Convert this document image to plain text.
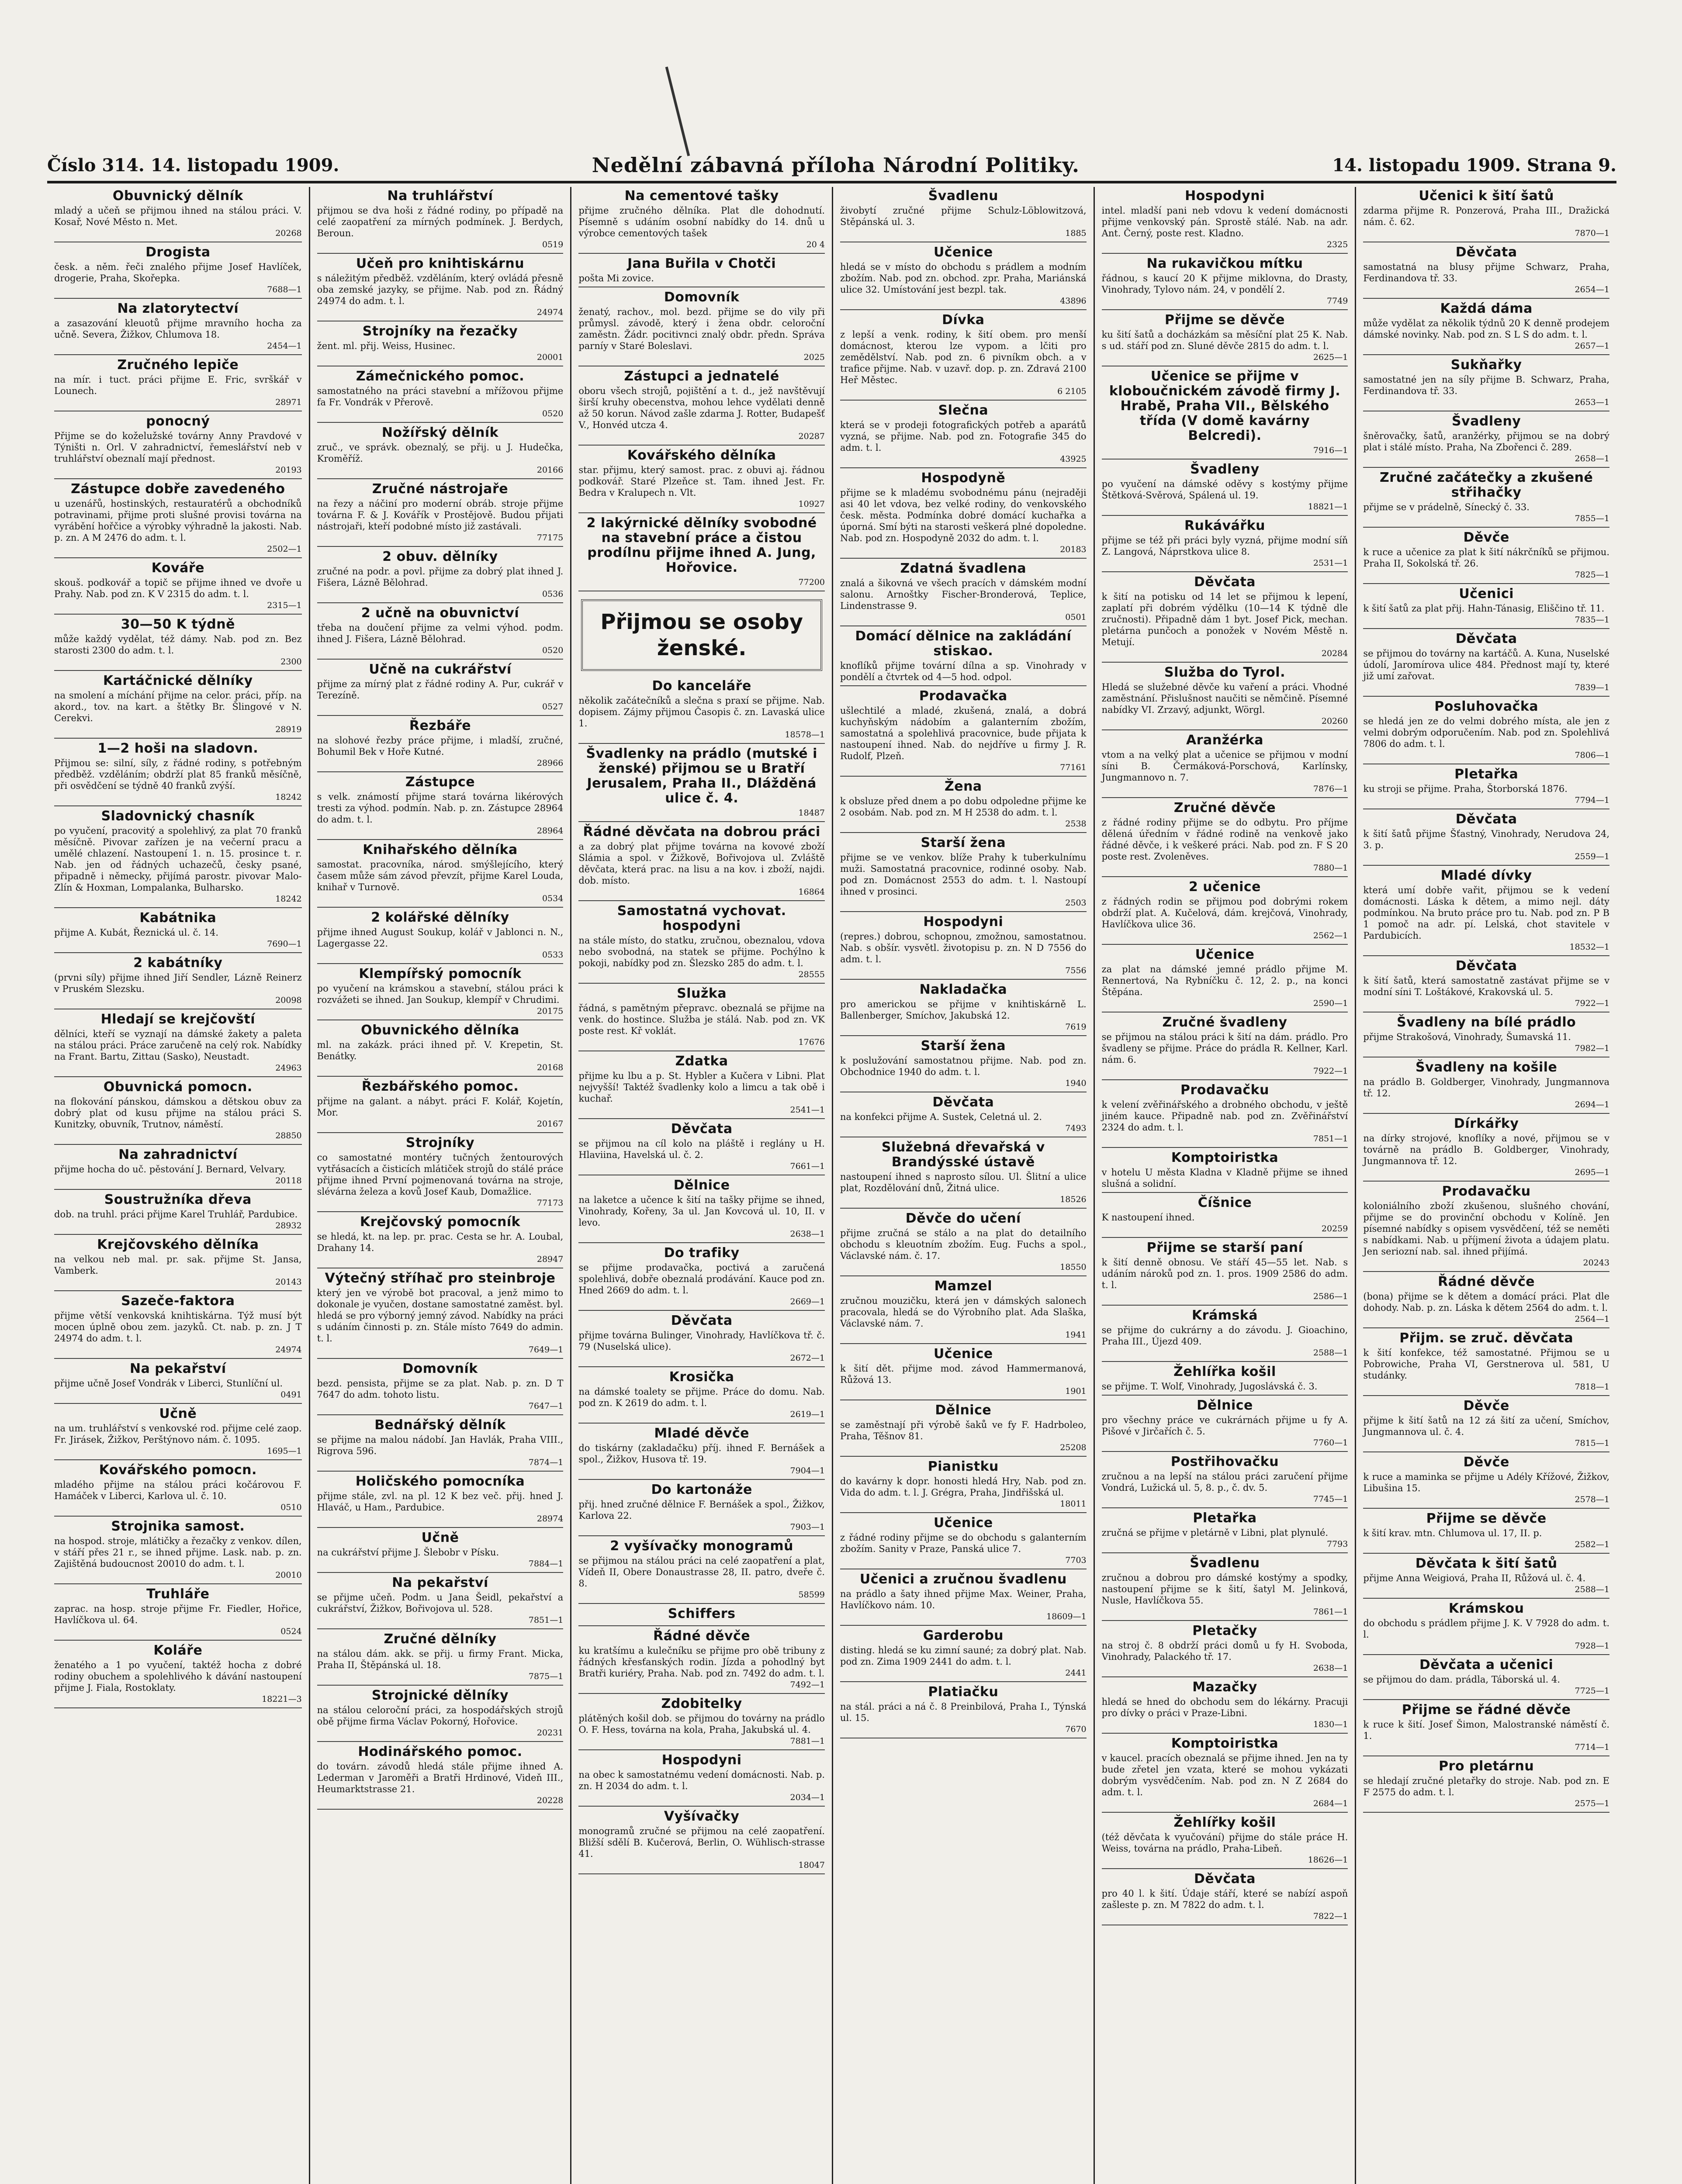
Číslo 314. 14. listopadu 1909.	Nedělní zábavná příloha Národní Politiky.	14. listopadu 1909. Strana 9.
Obuvnický dělník
mladý a učeň se přijmou ihned na stálou práci. V. Kosař, Nové Město n. Met.
20268
Drogista
česk. a něm. řeči znalého přijme Josef Havlíček, drogerie, Praha, Skořepka.
7688—1
Na zlatorytectví
a zasazování kleuotů přijme mravního hocha za učně. Severa, Žižkov, Chlumova 18.
2454—1
Zručného lepiče
na mír. i tuct. práci přijme E. Fric, svrškář v Lounech.
28971
ponocný
Přijme se do koželužské továrny Anny Pravdové v Týništi n. Orl. V zahradnictví, řemeslářství neb v truhlářství obeznalí mají přednost.
20193
Zástupce dobře zavedeného
u uzenářů, hostinských, restauratérů a obchodníků potravinami, přijme proti slušné provisi továrna na vyrábění hořčice a výrobky výhradně la jakosti. Nab. p. zn. A M 2476 do adm. t. l.
2502—1
Kováře
skouš. podkovář a topič se přijme ihned ve dvoře u Prahy. Nab. pod zn. K V 2315 do adm. t. l.
2315—1
30—50 K týdně
může každý vydělat, též dámy. Nab. pod zn. Bez starosti 2300 do adm. t. l.
2300
Kartáčnické dělníky
na smolení a míchání přijme na celor. práci, příp. na akord., tov. na kart. a štětky Br. Šlingové v N. Cerekvi.
28919
1—2 hoši na sladovn.
Přijmou se: silní, síly, z řádné rodiny, s potřebným předběž. vzděláním; obdrží plat 85 franků měsíčně, při osvědčení se týdně 40 franků zvýší.
18242
Sladovnický chasník
po vyučení, pracovitý a spolehlivý, za plat 70 franků měsíčně. Pivovar zařízen je na večerní pracu a umělé chlazení. Nastoupení 1. n. 15. prosince t. r. Nab. jen od řádných uchazečů, česky psané, připadně i německy, přijímá parostr. pivovar Malo-Zlín & Hoxman, Lompalanka, Bulharsko.
18242
Kabátnika
přijme A. Kubát, Řeznická ul. č. 14.
7690—1
2 kabátníky
(prvni síly) přijme ihned Jiří Sendler, Lázně Reinerz v Pruském Slezsku.
20098
Hledají se krejčovští
dělníci, kteří se vyznají na dámské žakety a paleta na stálou práci. Práce zaručeně na celý rok. Nabídky na Frant. Bartu, Zittau (Sasko), Neustadt.
24963
Obuvnická pomocn.
na flokování pánskou, dámskou a dětskou obuv za dobrý plat od kusu přijme na stálou práci S. Kunitzky, obuvník, Trutnov, náměstí.
28850
Na zahradnictví
přijme hocha do uč. pěstování J. Bernard, Velvary.
20118
Soustružníka dřeva
dob. na truhl. práci přijme Karel Truhlář, Pardubice.
28932
Krejčovského dělníka
na velkou neb mal. pr. sak. přijme St. Jansa, Vamberk.
20143
Sazeče-faktora
přijme větší venkovská knihtiskárna. Týž musí být mocen úplně obou zem. jazyků. Ct. nab. p. zn. J T 24974 do adm. t. l.
24974
Na pekařství
přijme učně Josef Vondrák v Liberci, Stunlíční ul.
0491
Učně
na um. truhlářství s venkovské rod. přijme celé zaop. Fr. Jirásek, Žižkov, Perštýnovo nám. č. 1095.
1695—1
Kovářského pomocn.
mladého přijme na stálou práci kočárovou F. Hamáček v Liberci, Karlova ul. č. 10.
0510
Strojnika samost.
na hospod. stroje, mlátičky a řezačky z venkov. dílen, v stáří přes 21 r., se ihned přijme. Lask. nab. p. zn. Zajištěná budoucnost 20010 do adm. t. l.
20010
Truhláře
zaprac. na hosp. stroje přijme Fr. Fiedler, Hořice, Havlíčkova ul. 64.
0524
Koláře
ženatého a 1 po vyučení, taktéž hocha z dobré rodiny obuchem a spolehlivého k dávání nastoupení přijme J. Fiala, Rostoklaty.
18221—3
Na truhlářství
přijmou se dva hoši z řádné rodiny, po případě na celé zaopatření za mírných podmínek. J. Berdych, Beroun.
0519
Učeň pro knihtiskárnu
s náležitým předběž. vzděláním, který ovládá přesně oba zemské jazyky, se přijme. Nab. pod zn. Řádný 24974 do adm. t. l.
24974
Strojníky na řezačky
žent. ml. přij. Weiss, Husinec.
20001
Zámečnického pomoc.
samostatného na práci stavební a mřížovou přijme fa Fr. Vondrák v Přerově.
0520
Nožířský dělník
zruč., ve správk. obeznalý, se přij. u J. Hudečka, Kroměříž.
20166
Zručné nástrojaře
na řezy a náčiní pro moderní obráb. stroje přijme továrna F. & J. Kovářík v Prostějově. Budou přijati nástrojaři, kteří podobné místo již zastávali.
77175
2 obuv. dělníky
zručné na podr. a povl. přijme za dobrý plat ihned J. Fišera, Lázně Bělohrad.
0536
2 učně na obuvnictví
třeba na doučení přijme za velmi výhod. podm. ihned J. Fišera, Lázně Bělohrad.
0520
Učně na cukrářství
přijme za mírný plat z řádné rodiny A. Pur, cukrář v Terezíně.
0527
Řezbáře
na slohové řezby práce přijme, i mladší, zručné, Bohumil Bek v Hoře Kutné.
28966
Zástupce
s velk. známostí přijme stará továrna likérových tresti za výhod. podmín. Nab. p. zn. Zástupce 28964 do adm. t. l.
28964
Knihařského dělníka
samostat. pracovníka, národ. smýšlejícího, který časem může sám závod převzít, přijme Karel Louda, knihař v Turnově.
0534
2 kolářské dělníky
přijme ihned August Soukup, kolář v Jablonci n. N., Lagergasse 22.
0533
Klempířský pomocník
po vyučení na krámskou a stavební, stálou práci k rozvážeti se ihned. Jan Soukup, klempíř v Chrudimi.
20175
Obuvnického dělníka
ml. na zakázk. práci ihned př. V. Krepetin, St. Benátky.
20168
Řezbářského pomoc.
přijme na galant. a nábyt. práci F. Kolář, Kojetín, Mor.
20167
Strojníky
co samostatné montéry tučných žentourových vytřásacích a čisticích mlátiček strojů do stálé práce přijme ihned První pojmenovaná továrna na stroje, slévárna železa a kovů Josef Kaub, Domažlice.
77173
Krejčovský pomocník
se hledá, kt. na lep. pr. prac. Cesta se hr. A. Loubal, Drahany 14.
28947
Výtečný stříhač pro steinbroje
který jen ve výrobě bot pracoval, a jenž mimo to dokonale je vyučen, dostane samostatné zaměst. byl. hledá se pro výborný jemný závod. Nabídky na práci s udáním činnosti p. zn. Stále místo 7649 do admin. t. l.
7649—1
Domovník
bezd. pensista, přijme se za plat. Nab. p. zn. D T 7647 do adm. tohoto listu.
7647—1
Bednářský dělník
se přijme na malou nádobí. Jan Havlák, Praha VIII., Rigrova 596.
7874—1
Holičského pomocníka
přijme stále, zvl. na pl. 12 K bez več. přij. hned J. Hlaváč, u Ham., Pardubice.
28974
Učně
na cukrářství přijme J. Šlebobr v Písku.
7884—1
Na pekařství
se přijme učeň. Podm. u Jana Šeidl, pekařství a cukrářství, Žižkov, Bořivojova ul. 528.
7851—1
Zručné dělníky
na stálou dám. akk. se přij. u firmy Frant. Micka, Praha II, Štěpánská ul. 18.
7875—1
Strojnické dělníky
na stálou celoroční práci, za hospodářských strojů obě přijme firma Václav Pokorný, Hořovice.
20231
Hodinářského pomoc.
do továrn. závodů hledá stále přijme ihned A. Lederman v Jaroměři a Bratři Hrdinové, Videň III., Heumarktstrasse 21.
20228
Na cementové tašky
přijme zručného dělníka. Plat dle dohodnutí. Písemně s udáním osobní nabídky do 14. dnů u výrobce cementových tašek
20 4
Jana Buřila v Chotči
pošta Mi zovice.
Domovník
ženatý, rachov., mol. bezd. přijme se do vily při průmysl. závodě, který i žena obdr. celoroční zaměstn. Žádr. pocitivnci znalý obdr. předn. Správa parníy v Staré Boleslavi.
2025
Zástupci a jednatelé
oboru všech strojů, pojištění a t. d., jež navštěvují širší kruhy obecenstva, mohou lehce vydělati denně až 50 korun. Návod zašle zdarma J. Rotter, Budapešť V., Honvéd utcza 4.
20287
Kovářského dělníka
star. přijmu, který samost. prac. z obuvi aj. řádnou podkovář. Staré Plzeňce st. Tam. ihned Jest. Fr. Bedra v Kralupech n. Vlt.
10927
2 lakýrnické dělníky svobodné na stavební práce a čistou prodílnu přijme ihned A. Jung, Hořovice.
77200
Přijmou se osoby ženské.
Do kanceláře
několik začátečníků a slečna s praxí se přijme. Nab. dopisem. Zájmy přijmou Časopis č. zn. Lavaská ulice 1.
18578—1
Švadlenky na prádlo (mutské i ženské) přijmou se u Bratří Jerusalem, Praha II., Dlážděná ulice č. 4.
18487
Řádné děvčata na dobrou práci
a za dobrý plat přijme továrna na kovové zboží Slámia a spol. v Žižkově, Bořivojova ul. Zvláště děvčata, která prac. na lisu a na kov. i zboží, najdi. dob. místo.
16864
Samostatná vychovat. hospodyni
na stále místo, do statku, zručnou, obeznalou, vdova nebo svobodná, na statek se přijme. Pochýlno k pokoji, nabídky pod zn. Šlezsko 285 do adm. t. l.
28555
Služka
řádná, s pamětným přepravc. obeznalá se přijme na venk. do hostince. Služba je stálá. Nab. pod zn. VK poste rest. Kř voklát.
17676
Zdatka
přijme ku lbu a p. St. Hybler a Kučera v Libni. Plat nejvyšší! Taktéž švadlenky kolo a limcu a tak obě i kuchař.
2541—1
Děvčata
se přijmou na cíl kolo na pláště i reglány u H. Hlaviina, Havelská ul. č. 2.
7661—1
Dělnice
na laketce a učence k šití na tašky přijme se ihned, Vinohrady, Kořeny, 3a ul. Jan Kovcová ul. 10, II. v levo.
2638—1
Do trafiky
se přijme prodavačka, poctivá a zaručená spolehlivá, dobře obeznalá prodávání. Kauce pod zn. Hned 2669 do adm. t. l.
2669—1
Děvčata
přijme továrna Bulinger, Vinohrady, Havlíčkova tř. č. 79 (Nuselská ulice).
2672—1
Krosička
na dámské toalety se přijme. Práce do domu. Nab. pod zn. K 2619 do adm. t. l.
2619—1
Mladé děvče
do tiskárny (zakladačku) příj. ihned F. Bernášek a spol., Žižkov, Husova tř. 19.
7904—1
Do kartonáže
přij. hned zručné dělnice F. Bernášek a spol., Žižkov, Karlova 22.
7903—1
2 vyšívačky monogramů
se přijmou na stálou práci na celé zaopatření a plat, Vídeň II, Obere Donaustrasse 28, II. patro, dveře č. 8.
58599
Schiffers
Řádné děvče
ku kratšímu a kulečníku se přijme pro obě tribuny z řádných křesťanských rodin. Jízda a pohodlný byt Bratři kuriéry, Praha. Nab. pod zn. 7492 do adm. t. l.
7492—1
Zdobitelky
plátěných košil dob. se přijmou do továrny na prádlo O. F. Hess, továrna na kola, Praha, Jakubská ul. 4.
7881—1
Hospodyni
na obec k samostatnému vedení domácnosti. Nab. p. zn. H 2034 do adm. t. l.
2034—1
Vyšívačky
monogramů zručné se přijmou na celé zaopatření. Bližší sdělí B. Kučerová, Berlin, O. Wühlisch-strasse 41.
18047
Švadlenu
živobytí zručné přijme Schulz-Löblowitzová, Stěpánská ul. 3.
1885
Učenice
hledá se v místo do obchodu s prádlem a modním zbožím. Nab. pod zn. obchod. zpr. Praha, Mariánská ulice 32. Umístování jest bezpl. tak.
43896
Dívka
z lepší a venk. rodiny, k šití obem. pro menší domácnost, kterou lze vypom. a lčiti pro zemědělství. Nab. pod zn. 6 pivníkm obch. a v trafice přijme. Nab. v uzavř. dop. p. zn. Zdravá 2100 Heř Městec.
6 2105
Slečna
která se v prodeji fotografických potřeb a aparátů vyzná, se přijme. Nab. pod zn. Fotografie 345 do adm. t. l.
43925
Hospodyně
přijme se k mladému svobodnému pánu (nejraději asi 40 let vdova, bez velké rodiny, do venkovského česk. města. Podmínka dobré domácí kuchařka a úporná. Smí býti na starosti veškerá plné dopoledne. Nab. pod zn. Hospodyně 2032 do adm. t. l.
20183
Zdatná švadlena
znalá a šikovná ve všech pracích v dámském modní salonu. Arnoštky Fischer-Bronderová, Teplice, Lindenstrasse 9.
0501
Domácí dělnice na zakládání stiskao.
knoflíků přijme tovární dílna a sp. Vinohrady v pondělí a čtvrtek od 4—5 hod. odpol.
Prodavačka
ušlechtilé a mladé, zkušená, znalá, a dobrá kuchyňským nádobím a galanterním zbožím, samostatná a spolehlivá pracovnice, bude přijata k nastoupení ihned. Nab. do nejdříve u firmy J. R. Rudolf, Plzeň.
77161
Žena
k obsluze před dnem a po dobu odpoledne přijme ke 2 osobám. Nab. pod zn. M H 2538 do adm. t. l.
2538
Starší žena
přijme se ve venkov. blíže Prahy k tuberkulnímu muži. Samostatná pracovnice, rodinné osoby. Nab. pod zn. Domácnost 2553 do adm. t. l. Nastoupí ihned v prosinci.
2503
Hospodyni
(repres.) dobrou, schopnou, zmožnou, samostatnou. Nab. s obšír. vysvětl. životopisu p. zn. N D 7556 do adm. t. l.
7556
Nakladačka
pro americkou se přijme v knihtiskárně L. Ballenberger, Smíchov, Jakubská 12.
7619
Starší žena
k poslužování samostatnou přijme. Nab. pod zn. Obchodnice 1940 do adm. t. l.
1940
Děvčata
na konfekci přijme A. Sustek, Celetná ul. 2.
7493
Služebná dřevařská v Brandýsské ústavě
nastoupení ihned s naprosto sílou. Ul. Šlitní a ulice plat, Rozdělování dnů, Žitná ulice.
18526
Děvče do učení
přijme zručná se stálo a na plat do detailního obchodu s kleuotním zbožím. Eug. Fuchs a spol., Václavské nám. č. 17.
18550
Mamzel
zručnou mouzičku, která jen v dámských salonech pracovala, hledá se do Výrobního plat. Ada Slaška, Václavské nám. 7.
1941
Učenice
k šití dět. přijme mod. závod Hammermanová, Růžová 13.
1901
Dělnice
se zaměstnají při výrobě šaků ve fy F. Hadrboleo, Praha, Těšnov 81.
25208
Pianistku
do kavárny k dopr. honosti hledá Hry, Nab. pod zn. Vida do adm. t. l. J. Grégra, Praha, Jindřišská ul.
18011
Učenice
z řádné rodiny přijme se do obchodu s galanterním zbožím. Sanity v Praze, Panská ulice 7.
7703
Učenici a zručnou švadlenu
na prádlo a šaty ihned přijme Max. Weiner, Praha, Havlíčkovo nám. 10.
18609—1
Garderobu
disting. hledá se ku zimní sauné; za dobrý plat. Nab. pod zn. Zima 1909 2441 do adm. t. l.
2441
Platiačku
na stál. práci a ná č. 8 Preinbilová, Praha I., Týnská ul. 15.
7670
Hospodyni
intel. mladší pani neb vdovu k vedení domácnosti přijme venkovský pán. Sprostě stálé. Nab. na adr. Ant. Černý, poste rest. Kladno.
2325
Na rukavičkou mítku
řádnou, s kaucí 20 K přijme miklovna, do Drasty, Vinohrady, Tylovo nám. 24, v pondělí 2.
7749
Přijme se děvče
ku šití šatů a docházkám sa měsíční plat 25 K. Nab. s ud. stáří pod zn. Sluné děvče 2815 do adm. t. l.
2625—1
Učenice se přijme v kloboučnickém závodě firmy J. Hrabě, Praha VII., Bělského třída (V domě kavárny Belcredi).
7916—1
Švadleny
po vyučení na dámské oděvy s kostýmy přijme Štětková-Svěrová, Spálená ul. 19.
18821—1
Rukávářku
přijme se též při práci byly vyzná, přijme modní síň Z. Langová, Náprstkova ulice 8.
2531—1
Děvčata
k šití na potisku od 14 let se přijmou k lepení, zaplatí při dobrém výdělku (10—14 K týdně dle zručnosti). Připadně dám 1 byt. Josef Pick, mechan. pletárna punčoch a ponožek v Novém Městě n. Metují.
20284
Služba do Tyrol.
Hledá se služebné děvče ku vaření a práci. Vhodné zaměstnání. Přislušnost naučiti se němčině. Písemné nabídky VI. Zrzavý, adjunkt, Wörgl.
20260
Aranžérka
vtom a na velký plat a učenice se přijmou v modní síni B. Čermáková-Porschová, Karlínsky, Jungmannovo n. 7.
7876—1
Zručné děvče
z řádné rodiny přijme se do odbytu. Pro příjme dělená úředním v řádné rodině na venkově jako řádné děvče, i k veškeré práci. Nab. pod zn. F S 20 poste rest. Zvoleněves.
7880—1
2 učenice
z řádných rodin se přijmou pod dobrými rokem obdrží plat. A. Kučelová, dám. krejčová, Vinohrady, Havlíčkova ulice 36.
2562—1
Učenice
za plat na dámské jemné prádlo přijme M. Rennertová, Na Rybníčku č. 12, 2. p., na konci Štěpána.
2590—1
Zručné švadleny
se přijmou na stálou práci k šití na dám. prádlo. Pro švadleny se přijme. Práce do prádla R. Kellner, Karl. nám. 6.
7922—1
Prodavačku
k velení zvěřinářského a drobného obchodu, v ještě jiném kauce. Připadně nab. pod zn. Zvěřinářství 2324 do adm. t. l.
7851—1
Komptoiristka
v hotelu U města Kladna v Kladně přijme se ihned slušná a solidní.
Číšnice
K nastoupení ihned.
20259
Přijme se starší paní
k šití denně obnosu. Ve stáří 45—55 let. Nab. s udáním nároků pod zn. 1. pros. 1909 2586 do adm. t. l.
2586—1
Krámská
se přijme do cukrárny a do závodu. J. Gioachino, Praha III., Újezd 409.
2588—1
Žehlířka košil
se přijme. T. Wolf, Vinohrady, Jugoslávská č. 3.
Dělnice
pro všechny práce ve cukrárnách přijme u fy A. Pišové v Jirčařích č. 5.
7760—1
Postřihovačku
zručnou a na lepší na stálou práci zaručení přijme Vondrá, Lužická ul. 5, 8. p., č. dv. 5.
7745—1
Pletařka
zručná se přijme v pletárně v Libni, plat plynulé.
7793
Švadlenu
zručnou a dobrou pro dámské kostýmy a spodky, nastoupení přijme se k šití, šatyl M. Jelinková, Nusle, Havlíčkova 55.
7861—1
Pletačky
na stroj č. 8 obdrží práci domů u fy H. Svoboda, Vinohrady, Palackého tř. 17.
2638—1
Mazačky
hledá se hned do obchodu sem do lékárny. Pracuji pro dívky o práci v Praze-Libni.
1830—1
Komptoiristka
v kaucel. pracích obeznalá se přijme ihned. Jen na ty bude zřetel jen vzata, které se mohou vykázati dobrým vysvědčením. Nab. pod zn. N Z 2684 do adm. t. l.
2684—1
Žehlířky košil
(též děvčata k vyučování) přijme do stále práce H. Weiss, továrna na prádlo, Praha-Libeň.
18626—1
Děvčata
pro 40 l. k šití. Údaje stáří, které se nabízí aspoň zašleste p. zn. M 7822 do adm. t. l.
7822—1
Učenici k šití šatů
zdarma přijme R. Ponzerová, Praha III., Dražická nám. č. 62.
7870—1
Děvčata
samostatná na blusy přijme Schwarz, Praha, Ferdinandova tř. 33.
2654—1
Každá dáma
může vydělat za několik týdnů 20 K denně prodejem dámské novinky. Nab. pod zn. S L S do adm. t. l.
2657—1
Sukňařky
samostatné jen na síly přijme B. Schwarz, Praha, Ferdinandova tř. 33.
2653—1
Švadleny
šněrovačky, šatů, aranžérky, přijmou se na dobrý plat i stálé místo. Praha, Na Zbořenci č. 289.
2658—1
Zručné začátečky a zkušené střihačky
přijme se v prádelně, Sínecký č. 33.
7855—1
Děvče
k ruce a učenice za plat k šití nákrčníků se přijmou. Praha II, Sokolská tř. 26.
7825—1
Učenici
k šití šatů za plat přij. Hahn-Tánasig, Eliščino tř. 11.
7835—1
Děvčata
se přijmou do továrny na kartáčů. A. Kuna, Nuselské údolí, Jaromírova ulice 484. Přednost mají ty, které již umí zařovat.
7839—1
Posluhovačka
se hledá jen ze do velmi dobrého místa, ale jen z velmi dobrým odporučením. Nab. pod zn. Spolehlivá 7806 do adm. t. l.
7806—1
Pletařka
ku stroji se přijme. Praha, Štorborská 1876.
7794—1
Děvčata
k šití šatů přijme Šťastný, Vinohrady, Nerudova 24, 3. p.
2559—1
Mladé dívky
která umí dobře vařit, přijmou se k vedení domácnosti. Láska k dětem, a mimo nejl. dáty podmínkou. Na bruto práce pro tu. Nab. pod zn. P B 1 pomoč na adr. pí. Lelská, chot stavitele v Pardubicích.
18532—1
Děvčata
k šití šatů, která samostatně zastávat přijme se v modní síni T. Loštákové, Krakovská ul. 5.
7922—1
Švadleny na bílé prádlo
přijme Strakošová, Vinohrady, Šumavská 11.
7982—1
Švadleny na košile
na prádlo B. Goldberger, Vinohrady, Jungmannova tř. 12.
2694—1
Dírkářky
na dírky strojové, knoflíky a nové, přijmou se v továrně na prádlo B. Goldberger, Vinohrady, Jungmannova tř. 12.
2695—1
Prodavačku
koloniálního zboží zkušenou, slušného chování, přijme se do provinční obchodu v Kolíně. Jen písemné nabídky s opisem vysvědčení, též se neměti s nabídkami. Nab. u příjmení života a údajem platu. Jen seriozní nab. sal. ihned přijímá.
20243
Řádné děvče
(bona) přijme se k dětem a domácí práci. Plat dle dohody. Nab. p. zn. Láska k dětem 2564 do adm. t. l.
2564—1
Přijm. se zruč. děvčata
k šití konfekce, též samostatné. Přijmou se u Pobrowiche, Praha VI, Gerstnerova ul. 581, U studánky.
7818—1
Děvče
přijme k šití šatů na 12 zá šití za učení, Smíchov, Jungmannova ul. č. 4.
7815—1
Děvče
k ruce a maminka se přijme u Adély Křížové, Žižkov, Libušina 15.
2578—1
Přijme se děvče
k šití krav. mtn. Chlumova ul. 17, II. p.
2582—1
Děvčata k šití šatů
přijme Anna Weigiová, Praha II, Růžová ul. č. 4.
2588—1
Krámskou
do obchodu s prádlem přijme J. K. V 7928 do adm. t. l.
7928—1
Děvčata a učenici
se přijmou do dam. prádla, Táborská ul. 4.
7725—1
Přijme se řádné děvče
k ruce k šití. Josef Šimon, Malostranské náměstí č. 1.
7714—1
Pro pletárnu
se hledají zručné pletařky do stroje. Nab. pod zn. E F 2575 do adm. t. l.
2575—1
